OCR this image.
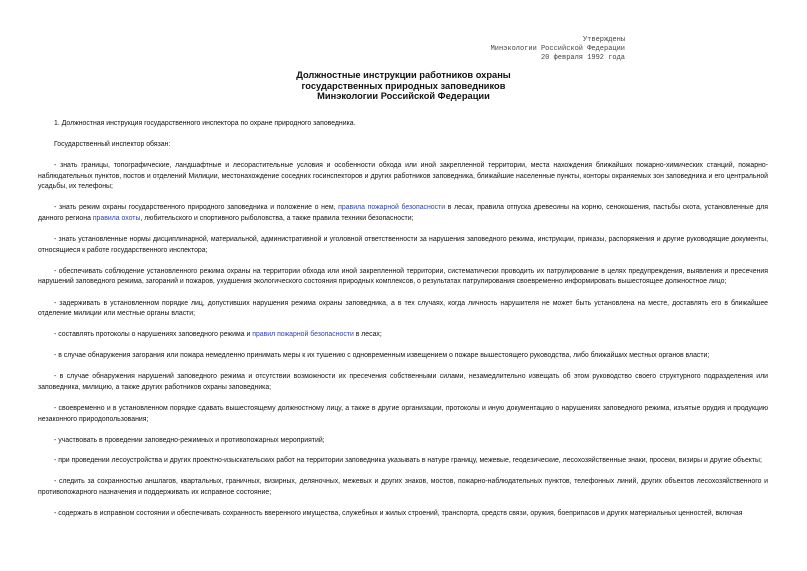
Утверждены
Минэкологии Российской Федерации
20 февраля 1992 года
Должностные инструкции работников охраны
государственных природных заповедников
Минэкологии Российской Федерации

1. Должностная инструкция государственного инспектора по охране природного заповедника.

Государственный инспектор обязан:

- знать границы, топографические, ландшафтные и лесорастительные условия и особенности обхода или иной закрепленной территории, места нахождения ближайших пожарно-химических станций, пожарно-наблюдательных пунктов, постов и отделений Милиции, местонахождение соседних госинспекторов и других работников заповедника, ближайшие населенные пункты, конторы охраняемых зон заповедника и его центральной усадьбы, их телефоны;

- знать режим охраны государственного природного заповедника и положение о нем, правила пожарной безопасности в лесах, правила отпуска древесины на корню, сенокошения, пастьбы скота, установленные для данного региона правила охоты, любительского и спортивного рыболовства, а также правила техники безопасности;

- знать установленные нормы дисциплинарной, материальной, административной и уголовной ответственности за нарушения заповедного режима, инструкции, приказы, распоряжения и другие руководящие документы, относящиеся к работе государственного инспектора;

- обеспечивать соблюдение установленного режима охраны на территории обхода или иной закрепленной территории, систематически проводить их патрулирование в целях предупреждения, выявления и пресечения нарушений заповедного режима, загораний и пожаров, ухудшения экологического состояния природных комплексов, о результатах патрулирования своевременно информировать вышестоящее должностное лицо;

- задерживать в установленном порядке лиц, допустивших нарушения режима охраны заповедника, а в тех случаях, когда личность нарушителя не может быть установлена на месте, доставлять его в ближайшее отделение милиции или местные органы власти;

- составлять протоколы о нарушениях заповедного режима и правил пожарной безопасности в лесах;

- в случае обнаружения загорания или пожара немедленно принимать меры к их тушению с одновременным извещением о пожаре вышестоящего руководства, либо ближайших местных органов власти;

- в случае обнаружения нарушений заповедного режима и отсутствии возможности их пресечения собственными силами, незамедлительно извещать об этом руководство своего структурного подразделения или заповедника, милицию, а также других работников охраны заповедника;

- своевременно и в установленном порядке сдавать вышестоящему должностному лицу, а также в другие организации, протоколы и иную документацию о нарушениях заповедного режима, изъятые орудия и продукцию незаконного природопользования;

- участвовать в проведении заповедно-режимных и противопожарных мероприятий;

- при проведении лесоустройства и других проектно-изыскательских работ на территории заповедника указывать в натуре границу, межевые, геодезические, лесохозяйственные знаки, просеки, визиры и другие объекты;

- следить за сохранностью аншлагов, квартальных, граничных, визирных, деляночных, межевых и других знаков, мостов, пожарно-наблюдательных пунктов, телефонных линий, других объектов лесохозяйственного и противопожарного назначения и поддерживать их исправное состояние;

- содержать в исправном состоянии и обеспечивать сохранность вверенного имущества, служебных и жилых строений, транспорта, средств связи, оружия, боеприпасов и других материальных ценностей, включая
